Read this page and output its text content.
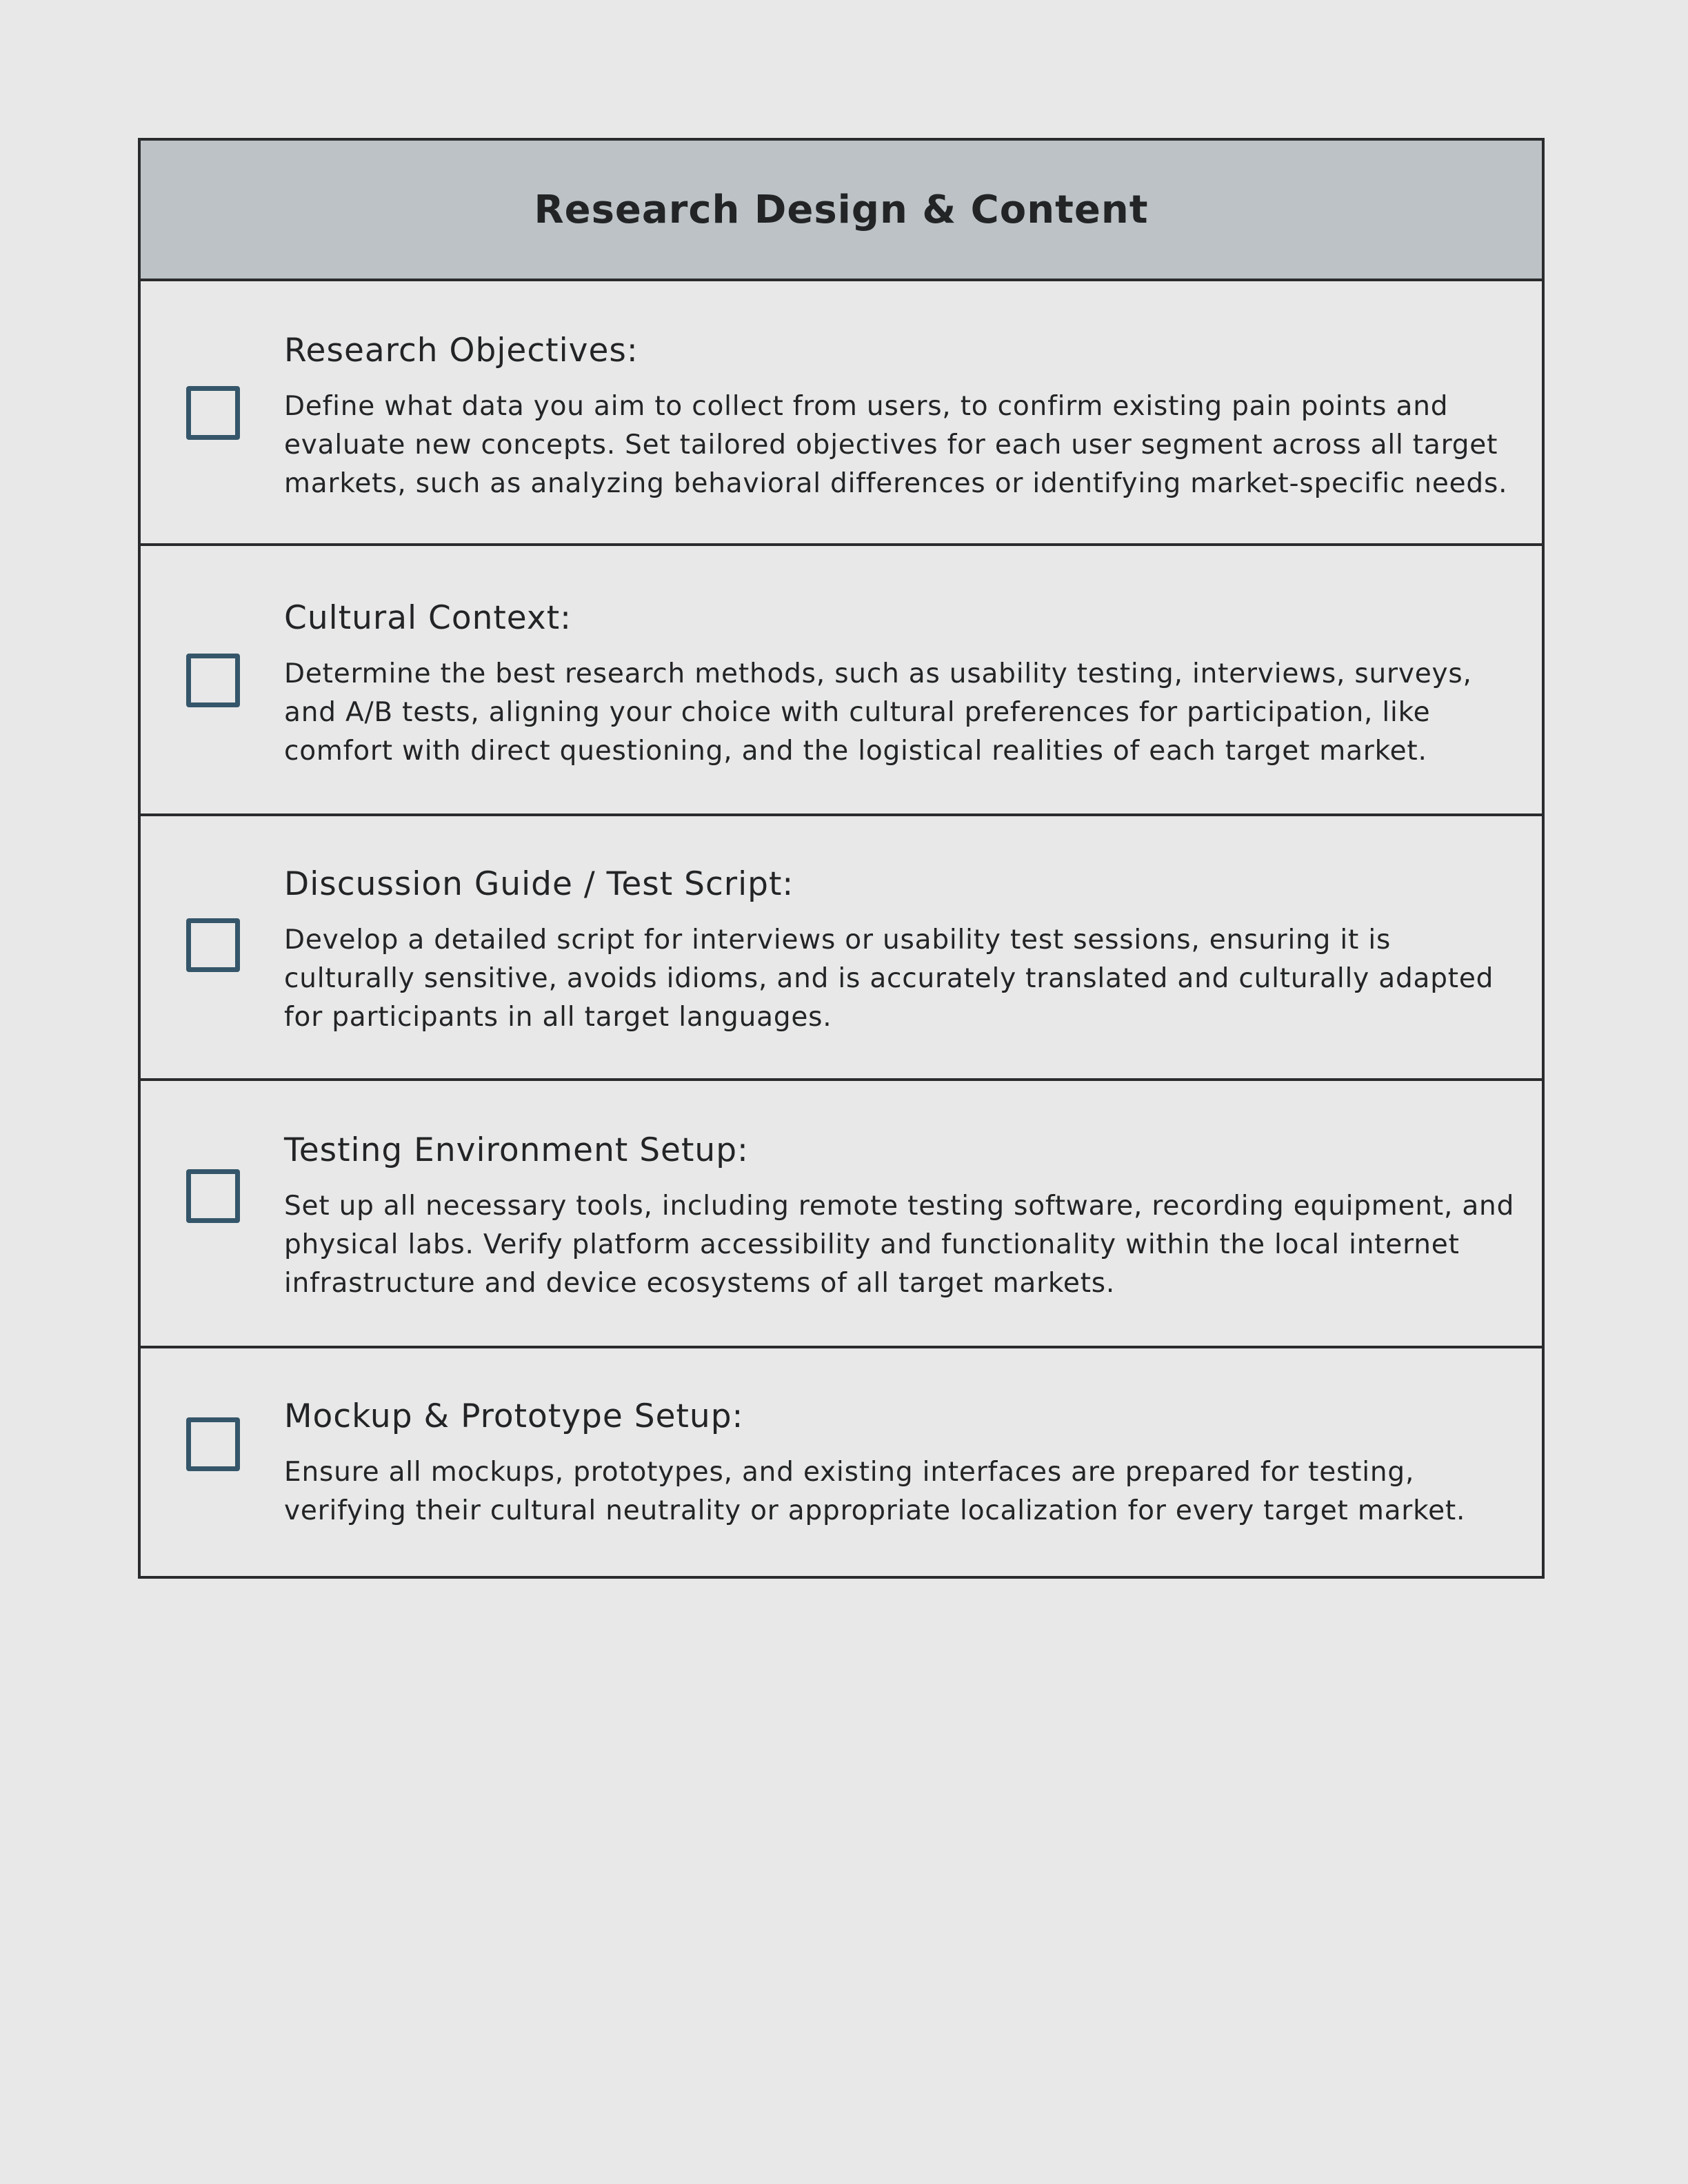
Research Design & Content
Research Objectives:

Define what data you aim to collect from users, to confirm existing pain points and evaluate new concepts. Set tailored objectives for each user segment across all target markets, such as analyzing behavioral differences or identifying market-specific needs.

Cultural Context:

Determine the best research methods, such as usability testing, interviews, surveys, and A/B tests, aligning your choice with cultural preferences for participation, like comfort with direct questioning, and the logistical realities of each target market.

Discussion Guide / Test Script:

Develop a detailed script for interviews or usability test sessions, ensuring it is culturally sensitive, avoids idioms, and is accurately translated and culturally adapted for participants in all target languages.

Testing Environment Setup:

Set up all necessary tools, including remote testing software, recording equipment, and physical labs. Verify platform accessibility and functionality within the local internet infrastructure and device ecosystems of all target markets.

Mockup & Prototype Setup:

Ensure all mockups, prototypes, and existing interfaces are prepared for testing, verifying their cultural neutrality or appropriate localization for every target market.
